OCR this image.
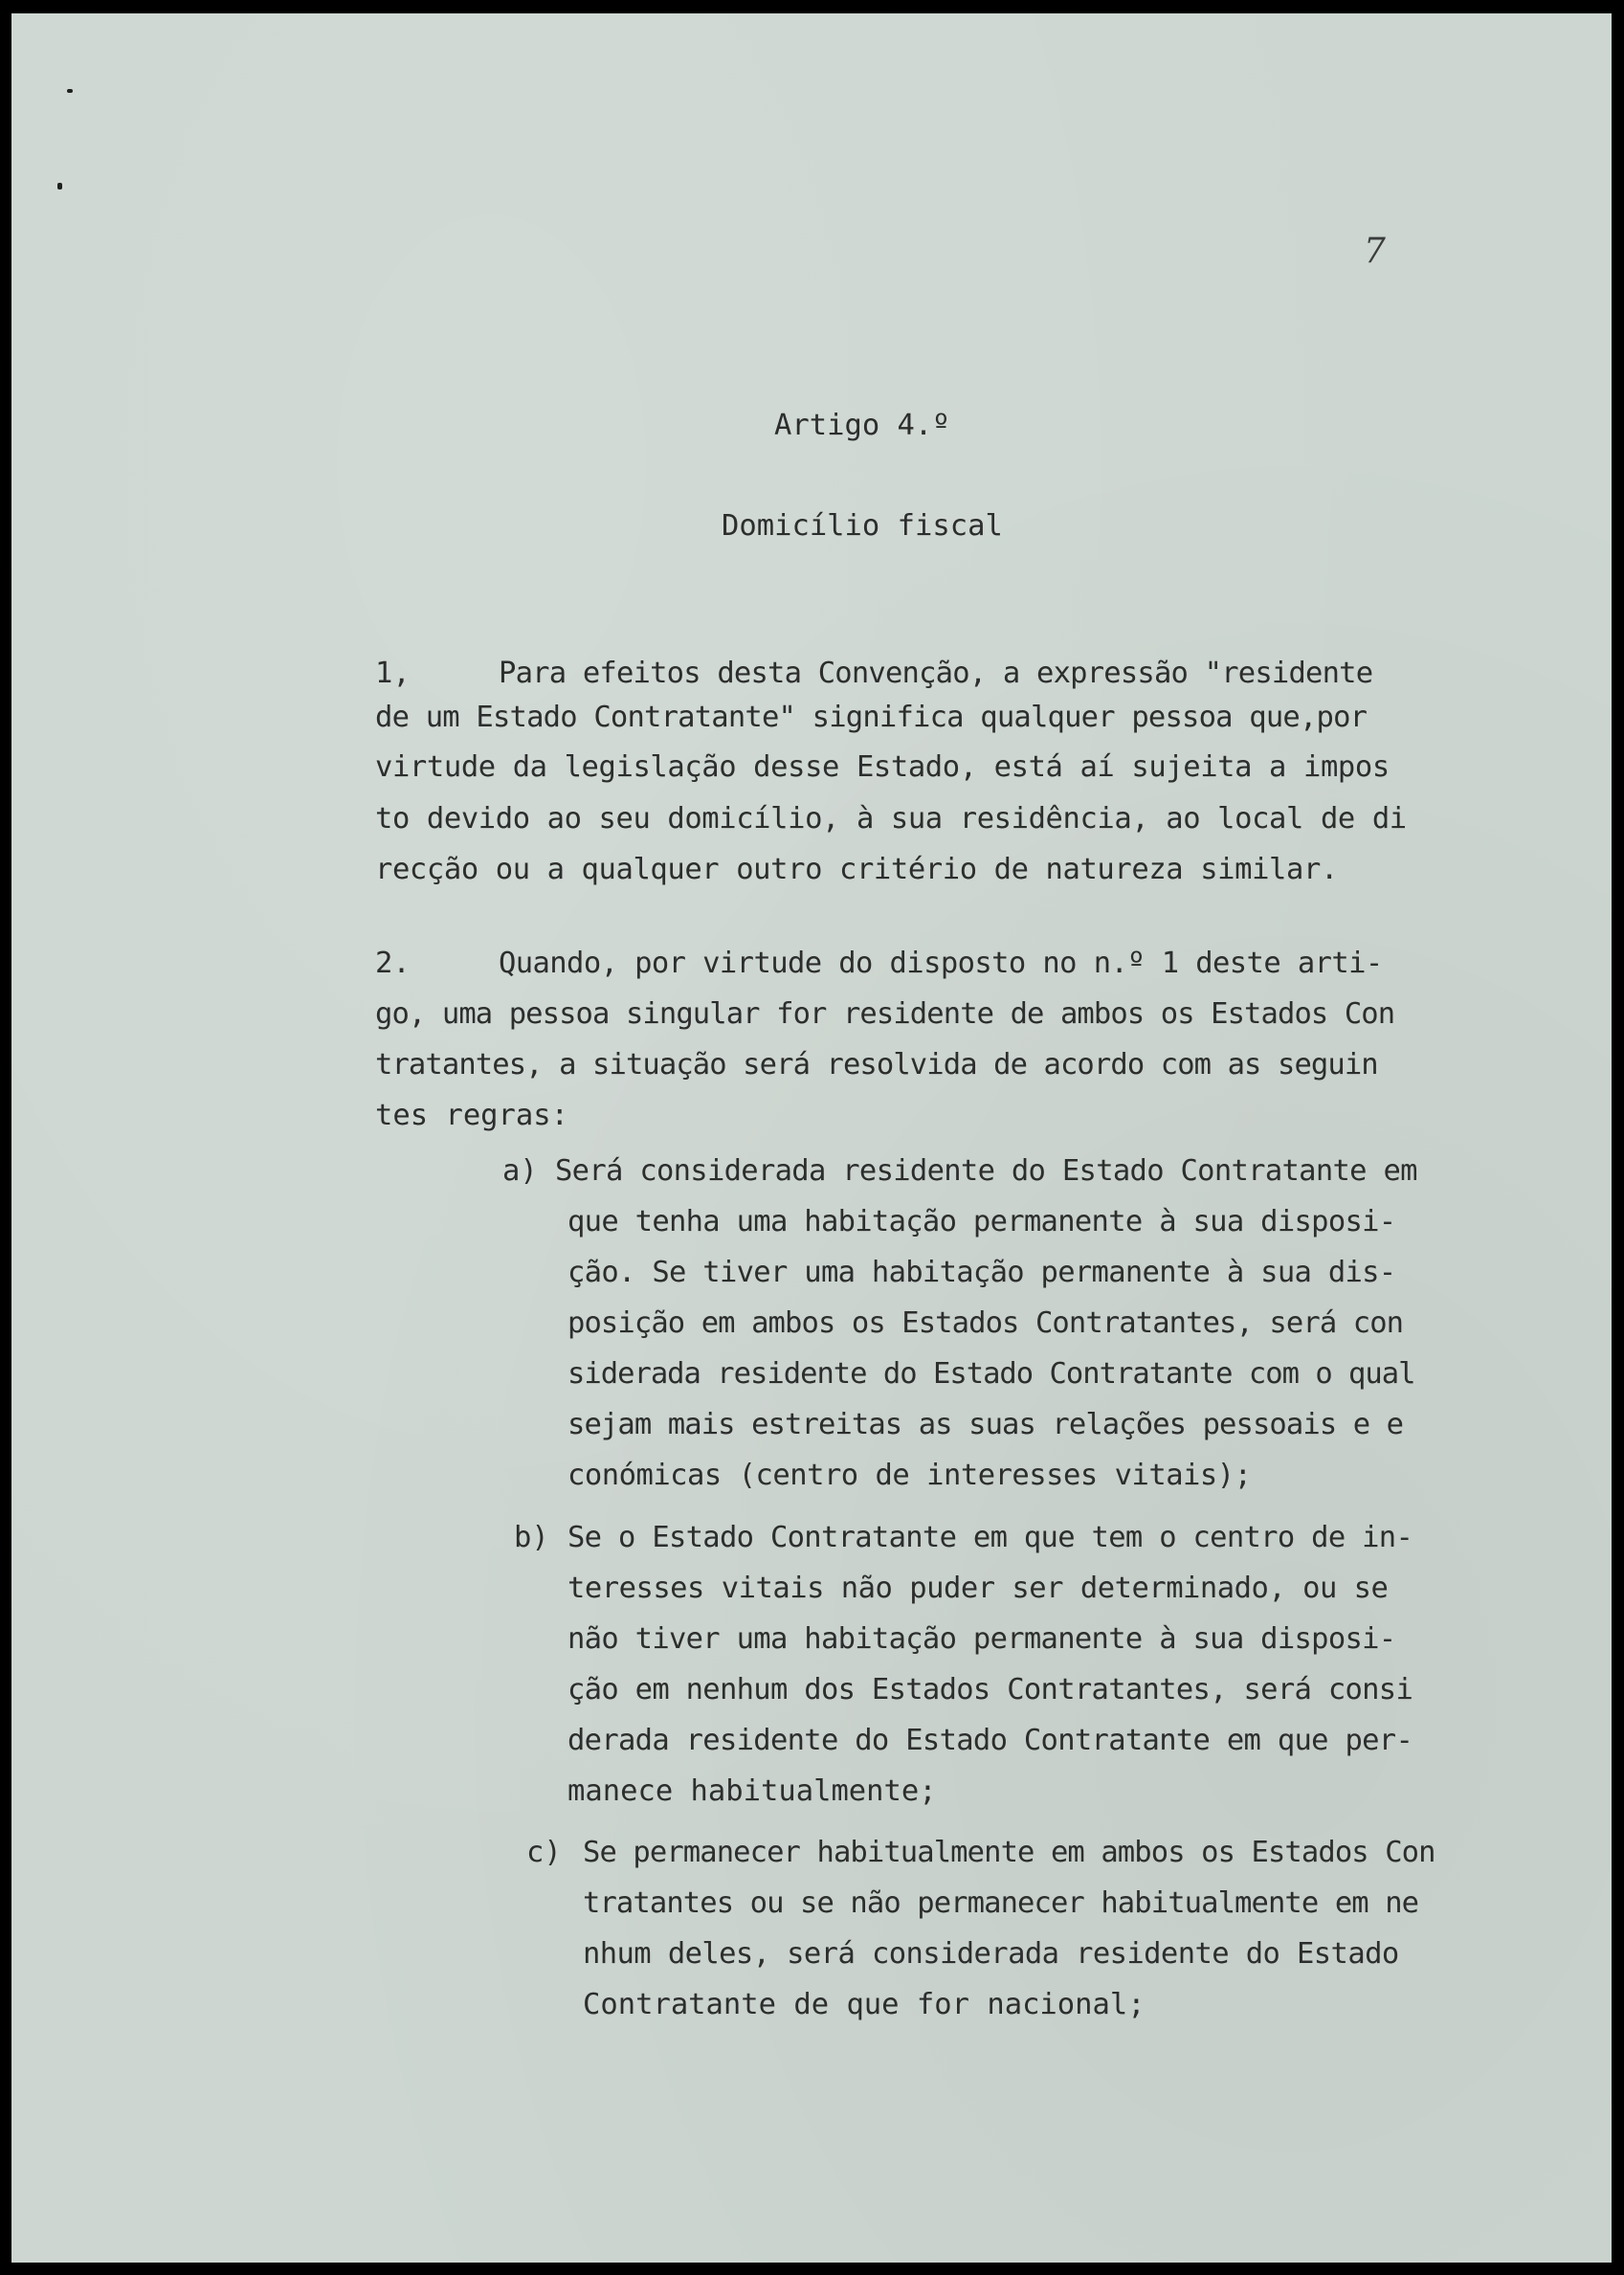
7
Artigo 4.º
Domicílio fiscal
1,	Para efeitos desta Convenção, a expressão "residente
de um Estado Contratante" significa qualquer pessoa que,por
virtude da legislação desse Estado, está aí sujeita a impos
to devido ao seu domicílio, à sua residência, ao local de di
recção ou a qualquer outro critério de natureza similar.
2.	Quando, por virtude do disposto no n.º 1 deste arti-
go, uma pessoa singular for residente de ambos os Estados Con
tratantes, a situação será resolvida de acordo com as seguin
tes regras:
a) Será considerada residente do Estado Contratante em
que tenha uma habitação permanente à sua disposi-
ção. Se tiver uma habitação permanente à sua dis-
posição em ambos os Estados Contratantes, será con
siderada residente do Estado Contratante com o qual
sejam mais estreitas as suas relações pessoais e e
conómicas (centro de interesses vitais);
b) Se o Estado Contratante em que tem o centro de in-
teresses vitais não puder ser determinado, ou se
não tiver uma habitação permanente à sua disposi-
ção em nenhum dos Estados Contratantes, será consi
derada residente do Estado Contratante em que per-
manece habitualmente;
c) Se permanecer habitualmente em ambos os Estados Con
tratantes ou se não permanecer habitualmente em ne
nhum deles, será considerada residente do Estado
Contratante de que for nacional;
